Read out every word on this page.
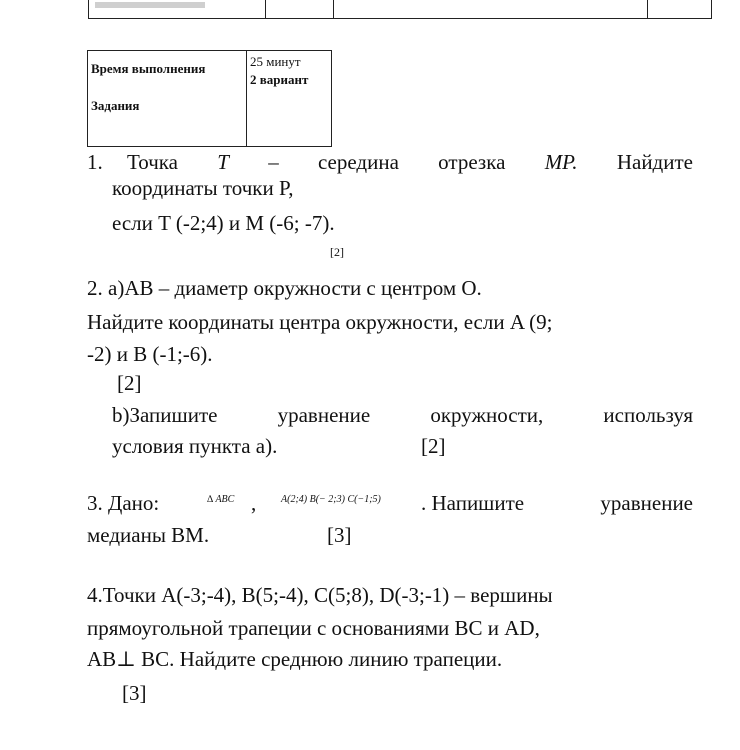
Время выполнения	25 минут
2 вариант
Задания
1. Точка T – середина отрезка MP. Найдите
координаты точки P,
если T (-2;4) и M (-6; -7).
[2]
2. a)AB – диаметр окружности с центром O.
Найдите координаты центра окружности, если A (9;
-2) и B (-1;-6).
[2]
b)Запишите	уравнение	окружности,	используя
условия пункта а).	[2]
3. Дано:	∆ ABC , A(2;4) B(− 2;3) C(−1;5) . Напишите	уравнение
медианы ВМ.	[3]
4.Точки A(-3;-4), B(5;-4), C(5;8), D(-3;-1) – вершины
прямоугольной трапеции с основаниями BC и AD,
AB⊥ BC. Найдите среднюю линию трапеции.
[3]
